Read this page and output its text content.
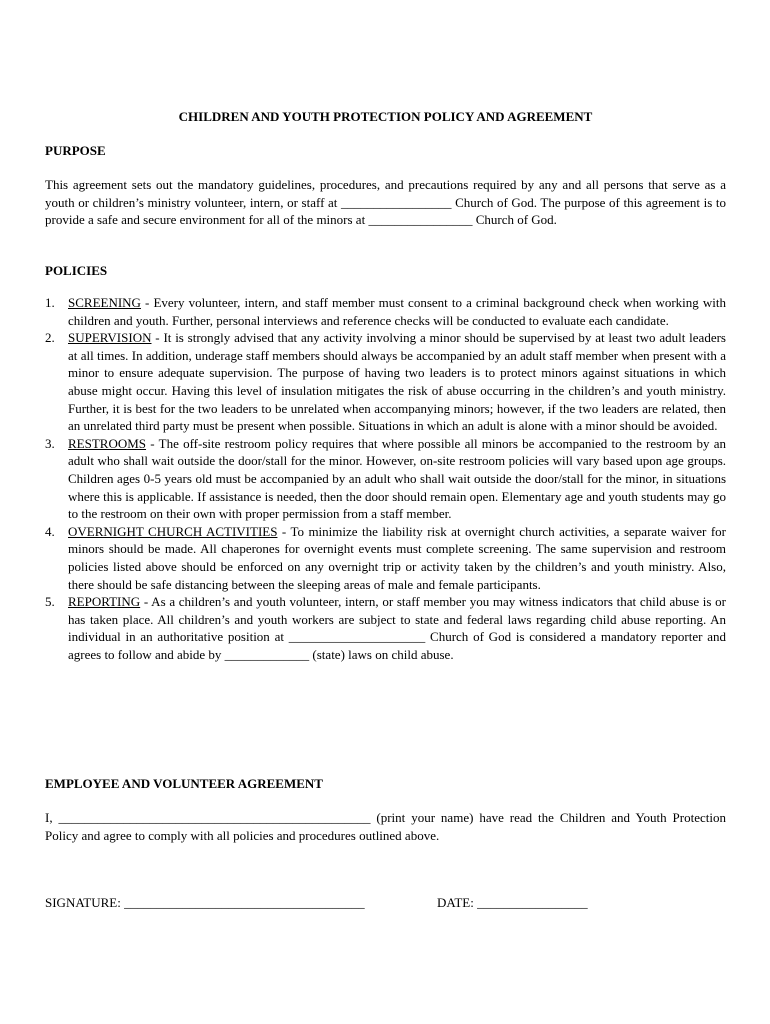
CHILDREN AND YOUTH PROTECTION POLICY AND AGREEMENT
PURPOSE
This agreement sets out the mandatory guidelines, procedures, and precautions required by any and all persons that serve as a youth or children’s ministry volunteer, intern, or staff at _________________ Church of God. The purpose of this agreement is to provide a safe and secure environment for all of the minors at ________________ Church of God.
POLICIES
1. SCREENING - Every volunteer, intern, and staff member must consent to a criminal background check when working with children and youth. Further, personal interviews and reference checks will be conducted to evaluate each candidate.
2. SUPERVISION - It is strongly advised that any activity involving a minor should be supervised by at least two adult leaders at all times. In addition, underage staff members should always be accompanied by an adult staff member when present with a minor to ensure adequate supervision. The purpose of having two leaders is to protect minors against situations in which abuse might occur. Having this level of insulation mitigates the risk of abuse occurring in the children’s and youth ministry. Further, it is best for the two leaders to be unrelated when accompanying minors; however, if the two leaders are related, then an unrelated third party must be present when possible. Situations in which an adult is alone with a minor should be avoided.
3. RESTROOMS - The off-site restroom policy requires that where possible all minors be accompanied to the restroom by an adult who shall wait outside the door/stall for the minor. However, on-site restroom policies will vary based upon age groups. Children ages 0-5 years old must be accompanied by an adult who shall wait outside the door/stall for the minor, in situations where this is applicable. If assistance is needed, then the door should remain open. Elementary age and youth students may go to the restroom on their own with proper permission from a staff member.
4. OVERNIGHT CHURCH ACTIVITIES - To minimize the liability risk at overnight church activities, a separate waiver for minors should be made. All chaperones for overnight events must complete screening. The same supervision and restroom policies listed above should be enforced on any overnight trip or activity taken by the children’s and youth ministry. Also, there should be safe distancing between the sleeping areas of male and female participants.
5. REPORTING - As a children’s and youth volunteer, intern, or staff member you may witness indicators that child abuse is or has taken place. All children’s and youth workers are subject to state and federal laws regarding child abuse reporting. An individual in an authoritative position at _____________________ Church of God is considered a mandatory reporter and agrees to follow and abide by _____________ (state) laws on child abuse.
EMPLOYEE AND VOLUNTEER AGREEMENT
I, ________________________________________________ (print your name) have read the Children and Youth Protection Policy and agree to comply with all policies and procedures outlined above.
SIGNATURE: _____________________________________	DATE: _________________
